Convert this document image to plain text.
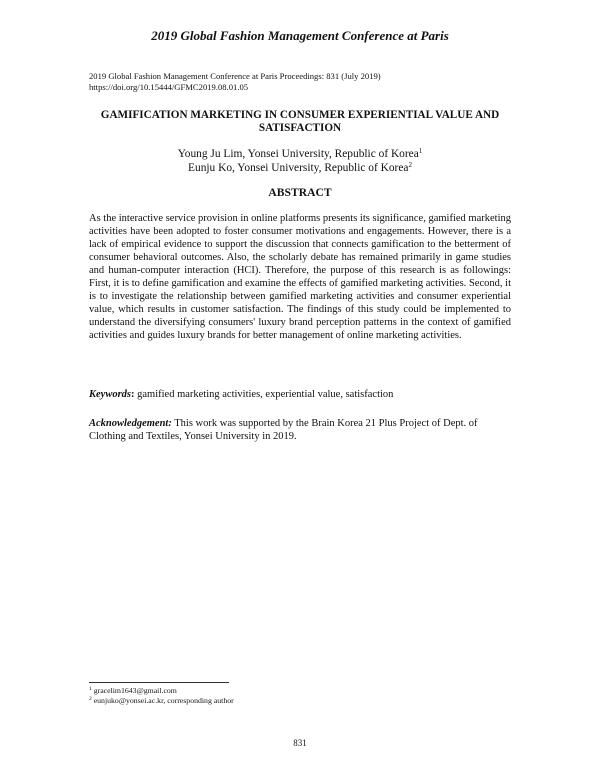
2019 Global Fashion Management Conference at Paris
2019 Global Fashion Management Conference at Paris Proceedings: 831 (July 2019)
https://doi.org/10.15444/GFMC2019.08.01.05
GAMIFICATION MARKETING IN CONSUMER EXPERIENTIAL VALUE AND SATISFACTION
Young Ju Lim, Yonsei University, Republic of Korea$^1$
Eunju Ko, Yonsei University, Republic of Korea$^2$
ABSTRACT
As the interactive service provision in online platforms presents its significance, gamified marketing activities have been adopted to foster consumer motivations and engagements. However, there is a lack of empirical evidence to support the discussion that connects gamification to the betterment of consumer behavioral outcomes. Also, the scholarly debate has remained primarily in game studies and human-computer interaction (HCI). Therefore, the purpose of this research is as followings: First, it is to define gamification and examine the effects of gamified marketing activities. Second, it is to investigate the relationship between gamified marketing activities and consumer experiential value, which results in customer satisfaction. The findings of this study could be implemented to understand the diversifying consumers' luxury brand perception patterns in the context of gamified activities and guides luxury brands for better management of online marketing activities.
Keywords: gamified marketing activities, experiential value, satisfaction
Acknowledgement: This work was supported by the Brain Korea 21 Plus Project of Dept. of Clothing and Textiles, Yonsei University in 2019.
$^1$ gracelim1643@gmail.com
$^2$ eunjuko@yonsei.ac.kr, corresponding author
831
